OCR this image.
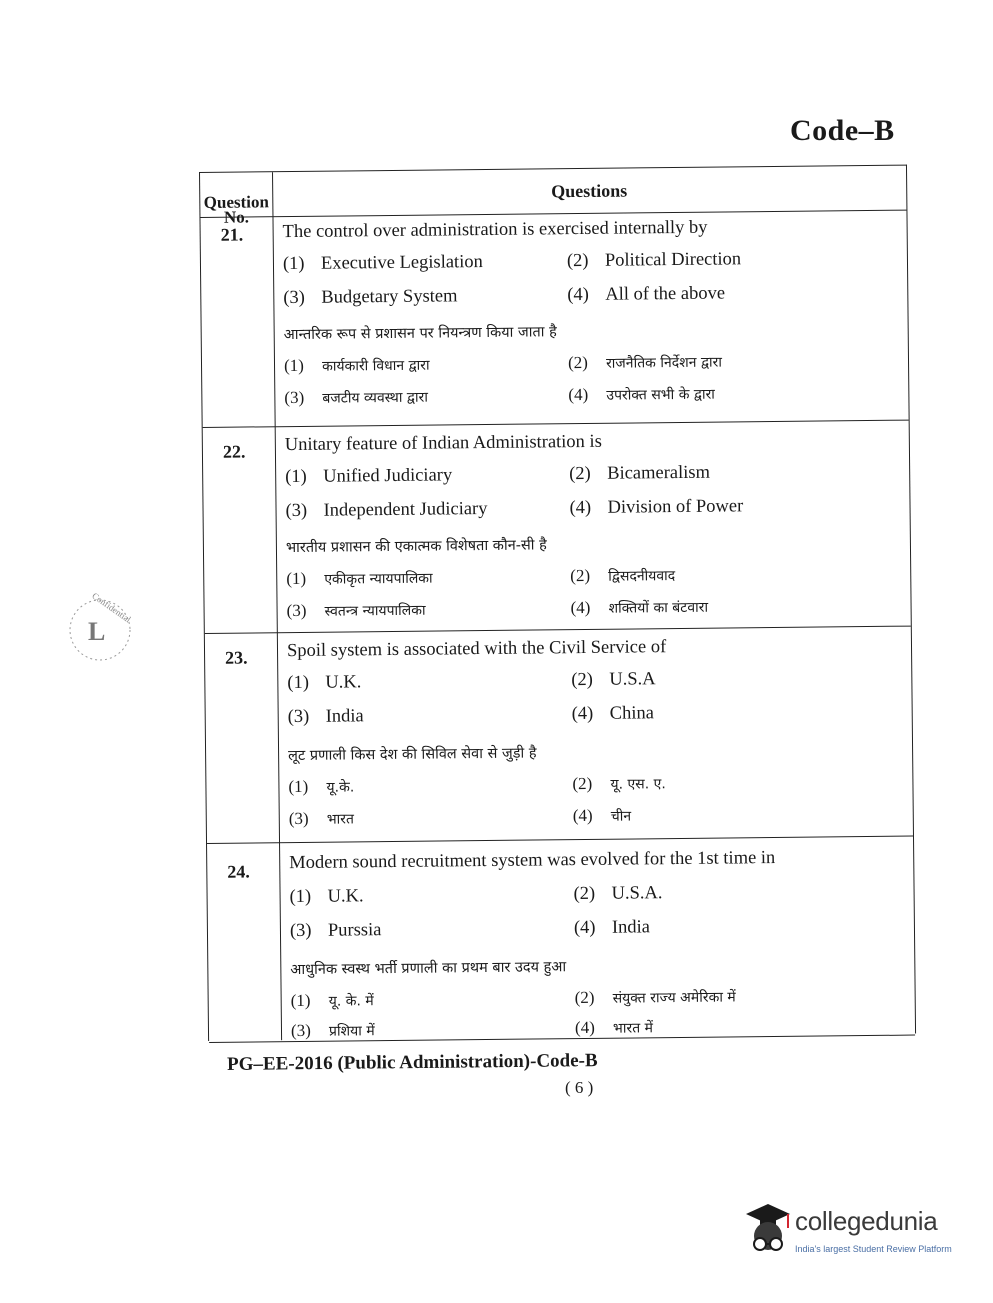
Code–B
Question
No.
Questions
21. The control over administration is exercised internally by
(1) Executive Legislation	(2) Political Direction
(3) Budgetary System	(4) All of the above
आन्तरिक रूप से प्रशासन पर नियन्त्रण किया जाता है
(1) कार्यकारी विधान द्वारा	(2) राजनैतिक निर्देशन द्वारा
(3) बजटीय व्यवस्था द्वारा	(4) उपरोक्त सभी के द्वारा
22. Unitary feature of Indian Administration is
(1) Unified Judiciary	(2) Bicameralism
(3) Independent Judiciary	(4) Division of Power
भारतीय प्रशासन की एकात्मक विशेषता कौन-सी है
(1) एकीकृत न्यायपालिका	(2) द्विसदनीयवाद
(3) स्वतन्त्र न्यायपालिका	(4) शक्तियों का बंटवारा
23. Spoil system is associated with the Civil Service of
(1) U.K.	(2) U.S.A
(3) India	(4) China
लूट प्रणाली किस देश की सिविल सेवा से जुड़ी है
(1) यू.के.	(2) यू. एस. ए.
(3) भारत	(4) चीन
24. Modern sound recruitment system was evolved for the 1st time in
(1) U.K.	(2) U.S.A.
(3) Purssia	(4) India
आधुनिक स्वस्थ भर्ती प्रणाली का प्रथम बार उदय हुआ
(1) यू. के. में	(2) संयुक्त राज्य अमेरिका में
(3) प्रशिया में	(4) भारत में
PG–EE-2016 (Public Administration)-Code-B
( 6 )
L
Confidential
collegedunia
India's largest Student Review Platform
